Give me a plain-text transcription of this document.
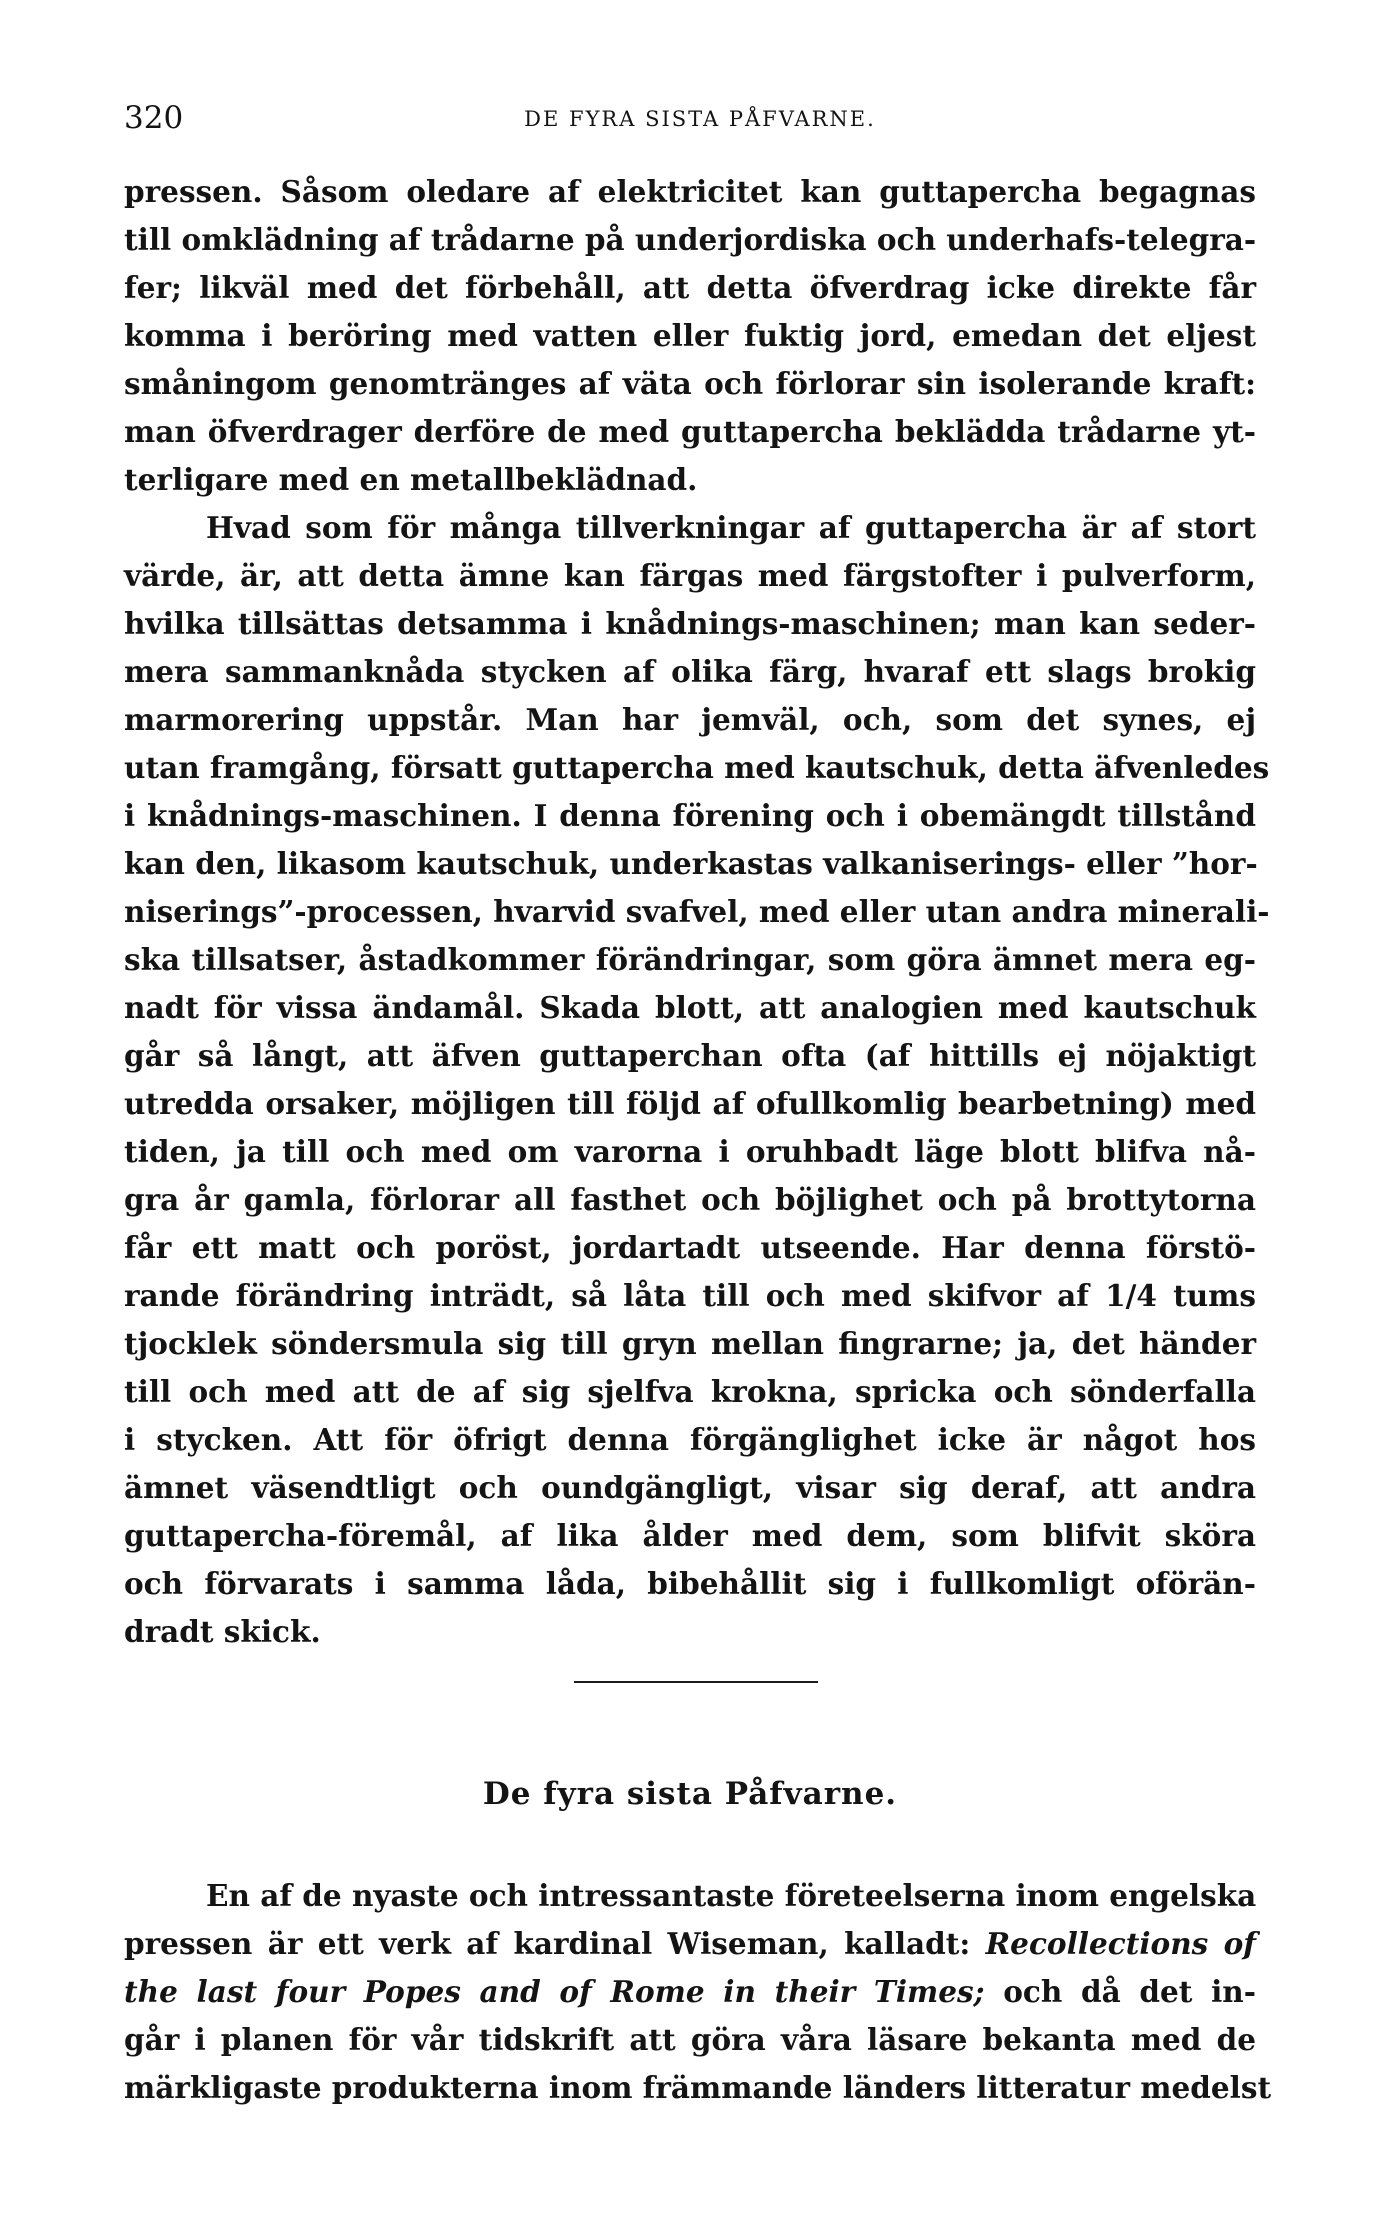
320	DE FYRA SISTA PÅFVARNE.
pressen. Såsom oledare af elektricitet kan guttapercha begagnas
till omklädning af trådarne på underjordiska och underhafs-telegra-
fer; likväl med det förbehåll, att detta öfverdrag icke direkte får
komma i beröring med vatten eller fuktig jord, emedan det eljest
småningom genomtränges af väta och förlorar sin isolerande kraft:
man öfverdrager derföre de med guttapercha beklädda trådarne yt-
terligare med en metallbeklädnad.
Hvad som för många tillverkningar af guttapercha är af stort
värde, är, att detta ämne kan färgas med färgstofter i pulverform,
hvilka tillsättas detsamma i knådnings-maschinen; man kan seder-
mera sammanknåda stycken af olika färg, hvaraf ett slags brokig
marmorering uppstår. Man har jemväl, och, som det synes, ej
utan framgång, försatt guttapercha med kautschuk, detta äfvenledes
i knådnings-maschinen. I denna förening och i obemängdt tillstånd
kan den, likasom kautschuk, underkastas valkaniserings- eller ”hor-
niserings”-processen, hvarvid svafvel, med eller utan andra minerali-
ska tillsatser, åstadkommer förändringar, som göra ämnet mera eg-
nadt för vissa ändamål. Skada blott, att analogien med kautschuk
går så långt, att äfven guttaperchan ofta (af hittills ej nöjaktigt
utredda orsaker, möjligen till följd af ofullkomlig bearbetning) med
tiden, ja till och med om varorna i oruhbadt läge blott blifva nå-
gra år gamla, förlorar all fasthet och böjlighet och på brottytorna
får ett matt och poröst, jordartadt utseende. Har denna förstö-
rande förändring inträdt, så låta till och med skifvor af 1/4 tums
tjocklek söndersmula sig till gryn mellan fingrarne; ja, det händer
till och med att de af sig sjelfva krokna, spricka och sönderfalla
i stycken. Att för öfrigt denna förgänglighet icke är något hos
ämnet väsendtligt och oundgängligt, visar sig deraf, att andra
guttapercha-föremål, af lika ålder med dem, som blifvit sköra
och förvarats i samma låda, bibehållit sig i fullkomligt oförän-
dradt skick.
De fyra sista Påfvarne.
En af de nyaste och intressantaste företeelserna inom engelska
pressen är ett verk af kardinal Wiseman, kalladt: Recollections of
the last four Popes and of Rome in their Times; och då det in-
går i planen för vår tidskrift att göra våra läsare bekanta med de
märkligaste produkterna inom främmande länders litteratur medelst
